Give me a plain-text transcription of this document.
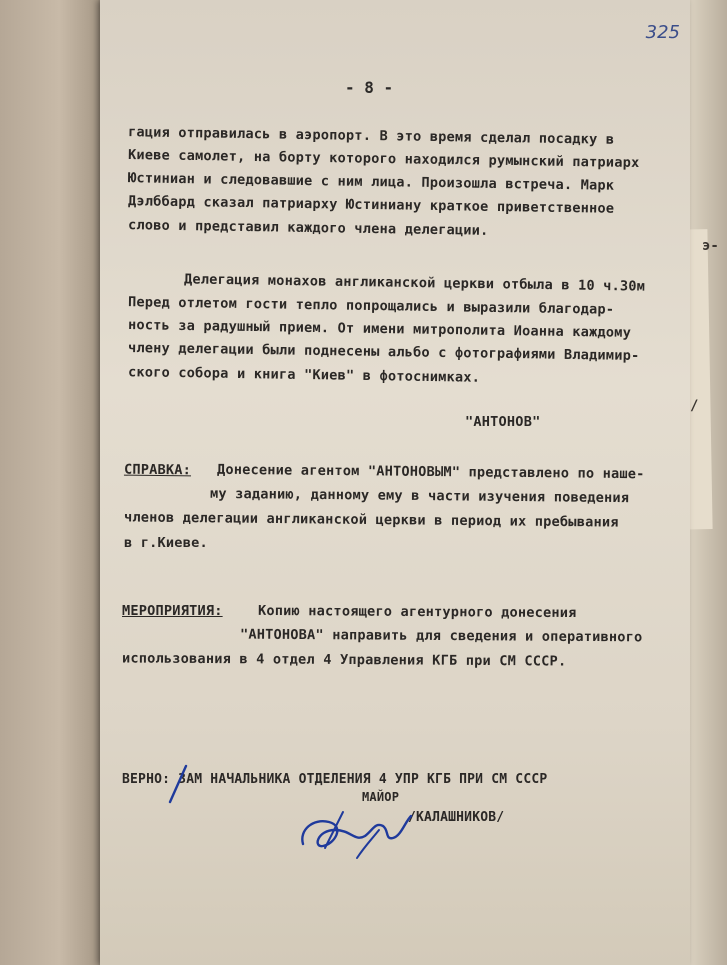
325
- 8 -
гация отправилась в аэропорт. В это время сделал посадку в
Киеве самолет, на борту которого находился румынский патриарх
Юстиниан и следовавшие с ним лица. Произошла встреча. Марк
Дэлббард сказал патриарху Юстиниану краткое приветственное
слово и представил каждого члена делегации.
Делегация монахов англиканской церкви отбыла в 10 ч.30м
Перед отлетом гости тепло попрощались и выразили благодар-
ность за радушный прием. От имени митрополита Иоанна каждому
члену делегации были поднесены альбо с фотографиями Владимир-
ского собора и книга "Киев" в фотоснимках.
"АНТОНОВ"
СПРАВКА: Донесение агентом "АНТОНОВЫМ" представлено по наше-
му заданию, данному ему в части изучения поведения
членов делегации англиканской церкви в период их пребывания
в г.Киеве.
МЕРОПРИЯТИЯ:	Копию настоящего агентурного донесения
"АНТОНОВА" направить для сведения и оперативного
использования в 4 отдел 4 Управления КГБ при СМ СССР.
ВЕРНО: ЗАМ НАЧАЛЬНИКА ОТДЕЛЕНИЯ 4 УПР КГБ ПРИ СМ СССР
МАЙОР
/КАЛАШНИКОВ/
э-
/
